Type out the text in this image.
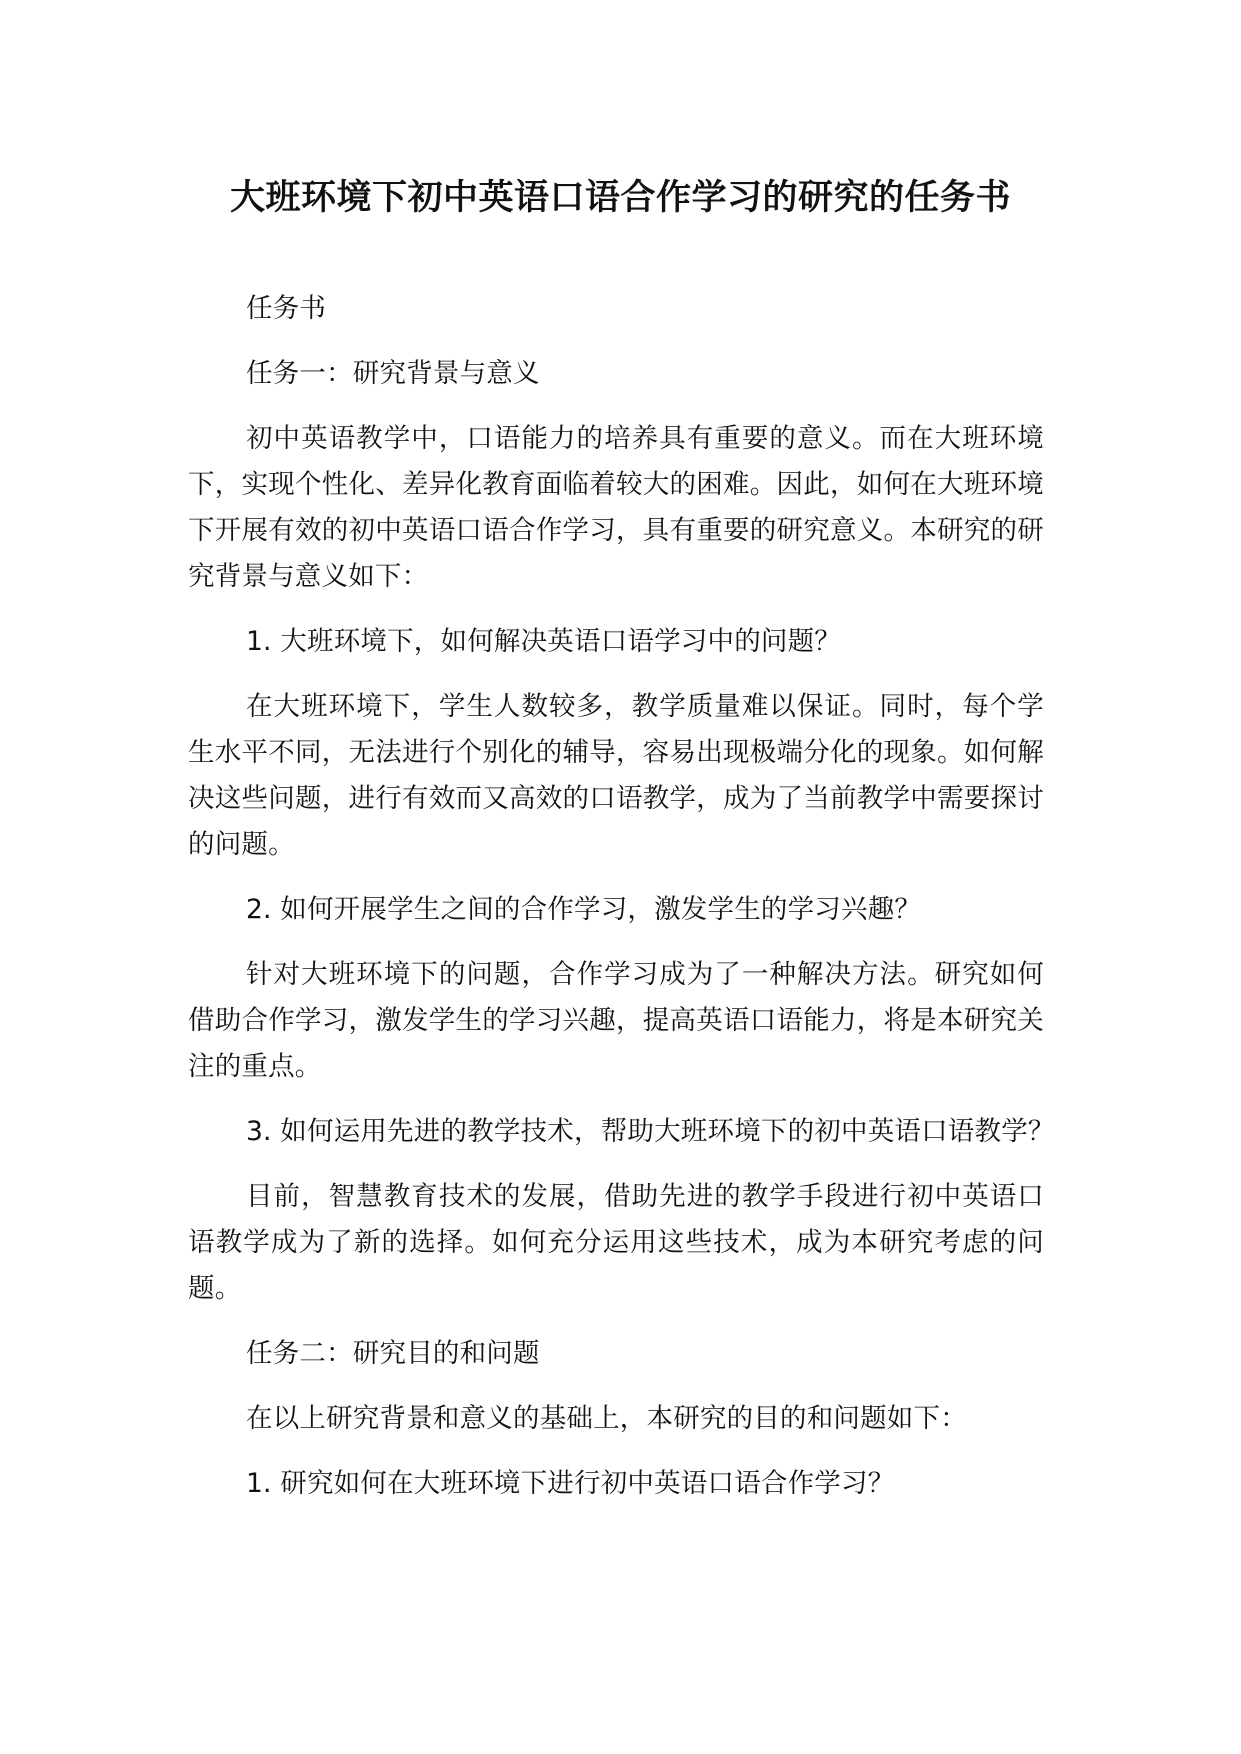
大班环境下初中英语口语合作学习的研究的任务书

任务书

任务一：研究背景与意义

初中英语教学中，口语能力的培养具有重要的意义。而在大班环境下，实现个性化、差异化教育面临着较大的困难。因此，如何在大班环境下开展有效的初中英语口语合作学习，具有重要的研究意义。本研究的研究背景与意义如下：

1. 大班环境下，如何解决英语口语学习中的问题？

在大班环境下，学生人数较多，教学质量难以保证。同时，每个学生水平不同，无法进行个别化的辅导，容易出现极端分化的现象。如何解决这些问题，进行有效而又高效的口语教学，成为了当前教学中需要探讨的问题。

2. 如何开展学生之间的合作学习，激发学生的学习兴趣？

针对大班环境下的问题，合作学习成为了一种解决方法。研究如何借助合作学习，激发学生的学习兴趣，提高英语口语能力，将是本研究关注的重点。

3. 如何运用先进的教学技术，帮助大班环境下的初中英语口语教学？

目前，智慧教育技术的发展，借助先进的教学手段进行初中英语口语教学成为了新的选择。如何充分运用这些技术，成为本研究考虑的问题。

任务二：研究目的和问题

在以上研究背景和意义的基础上，本研究的目的和问题如下：

1. 研究如何在大班环境下进行初中英语口语合作学习？
